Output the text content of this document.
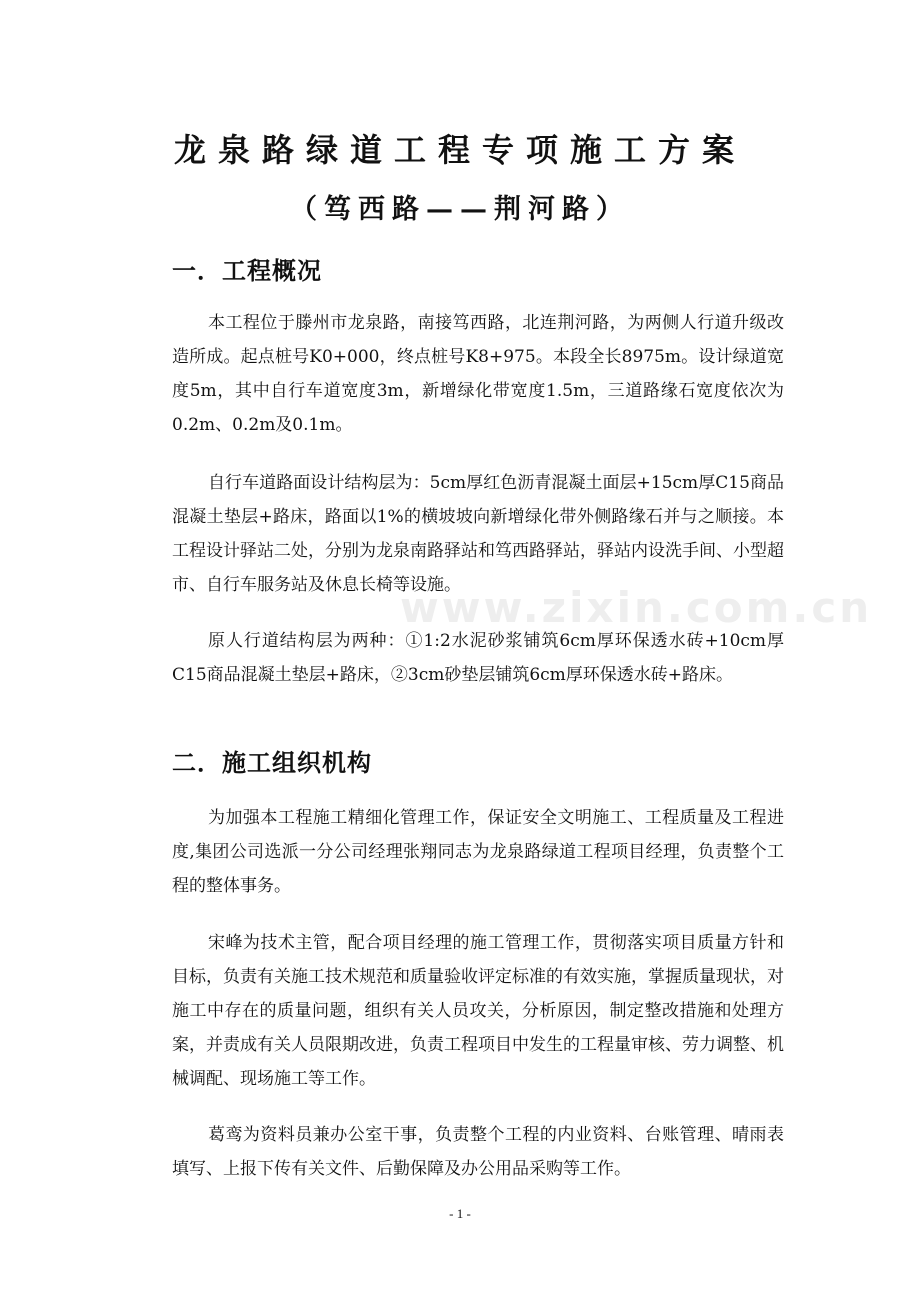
龙泉路绿道工程专项施工方案
（笃西路——荆河路）
一．工程概况

本工程位于滕州市龙泉路，南接笃西路，北连荆河路，为两侧人行道升级改造所成。起点桩号K0+000，终点桩号K8+975。本段全长8975m。设计绿道宽度5m，其中自行车道宽度3m，新增绿化带宽度1.5m，三道路缘石宽度依次为0.2m、0.2m及0.1m。

自行车道路面设计结构层为：5cm厚红色沥青混凝土面层+15cm厚C15商品混凝土垫层+路床，路面以1%的横坡坡向新增绿化带外侧路缘石并与之顺接。本工程设计驿站二处，分别为龙泉南路驿站和笃西路驿站，驿站内设洗手间、小型超市、自行车服务站及休息长椅等设施。

www.zixin.com.cn

原人行道结构层为两种：①1:2水泥砂浆铺筑6cm厚环保透水砖+10cm厚C15商品混凝土垫层+路床，②3cm砂垫层铺筑6cm厚环保透水砖+路床。

二．施工组织机构

为加强本工程施工精细化管理工作，保证安全文明施工、工程质量及工程进度,集团公司选派一分公司经理张翔同志为龙泉路绿道工程项目经理，负责整个工程的整体事务。

宋峰为技术主管，配合项目经理的施工管理工作，贯彻落实项目质量方针和目标，负责有关施工技术规范和质量验收评定标准的有效实施，掌握质量现状，对施工中存在的质量问题，组织有关人员攻关，分析原因，制定整改措施和处理方案，并责成有关人员限期改进，负责工程项目中发生的工程量审核、劳力调整、机械调配、现场施工等工作。

葛鸾为资料员兼办公室干事，负责整个工程的内业资料、台账管理、晴雨表填写、上报下传有关文件、后勤保障及办公用品采购等工作。

- 1 -
